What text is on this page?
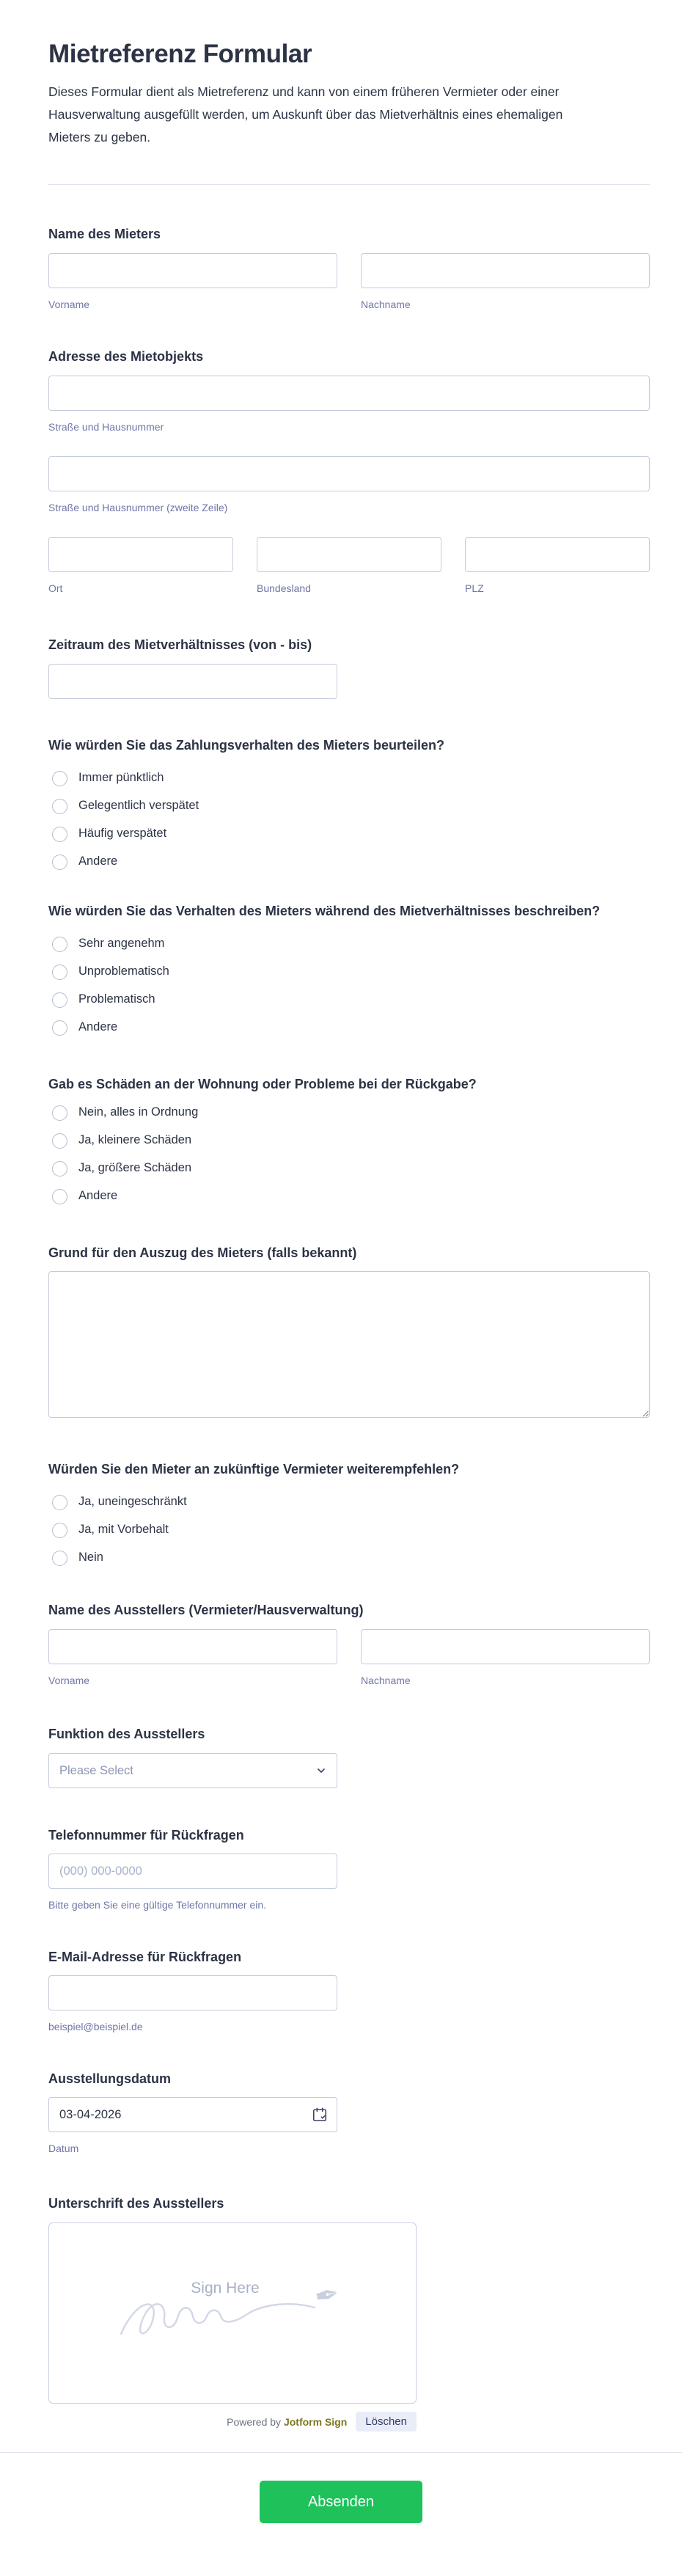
Mietreferenz Formular
Dieses Formular dient als Mietreferenz und kann von einem früheren Vermieter oder einer Hausverwaltung ausgefüllt werden, um Auskunft über das Mietverhältnis eines ehemaligen Mieters zu geben.
Name des Mieters
Vorname	Nachname
Adresse des Mietobjekts
Straße und Hausnummer
Straße und Hausnummer (zweite Zeile)
Ort	Bundesland	PLZ
Zeitraum des Mietverhältnisses (von - bis)
Wie würden Sie das Zahlungsverhalten des Mieters beurteilen?
Immer pünktlich
Gelegentlich verspätet
Häufig verspätet
Andere
Wie würden Sie das Verhalten des Mieters während des Mietverhältnisses beschreiben?
Sehr angenehm
Unproblematisch
Problematisch
Andere
Gab es Schäden an der Wohnung oder Probleme bei der Rückgabe?
Nein, alles in Ordnung
Ja, kleinere Schäden
Ja, größere Schäden
Andere
Grund für den Auszug des Mieters (falls bekannt)
Würden Sie den Mieter an zukünftige Vermieter weiterempfehlen?
Ja, uneingeschränkt
Ja, mit Vorbehalt
Nein
Name des Ausstellers (Vermieter/Hausverwaltung)
Vorname	Nachname
Funktion des Ausstellers
Please Select
Telefonnummer für Rückfragen
(000) 000-0000
Bitte geben Sie eine gültige Telefonnummer ein.
E-Mail-Adresse für Rückfragen
beispiel@beispiel.de
Ausstellungsdatum
03-04-2026
Datum
Unterschrift des Ausstellers
Sign Here ✒
Powered by Jotform Sign	Löschen
Absenden
